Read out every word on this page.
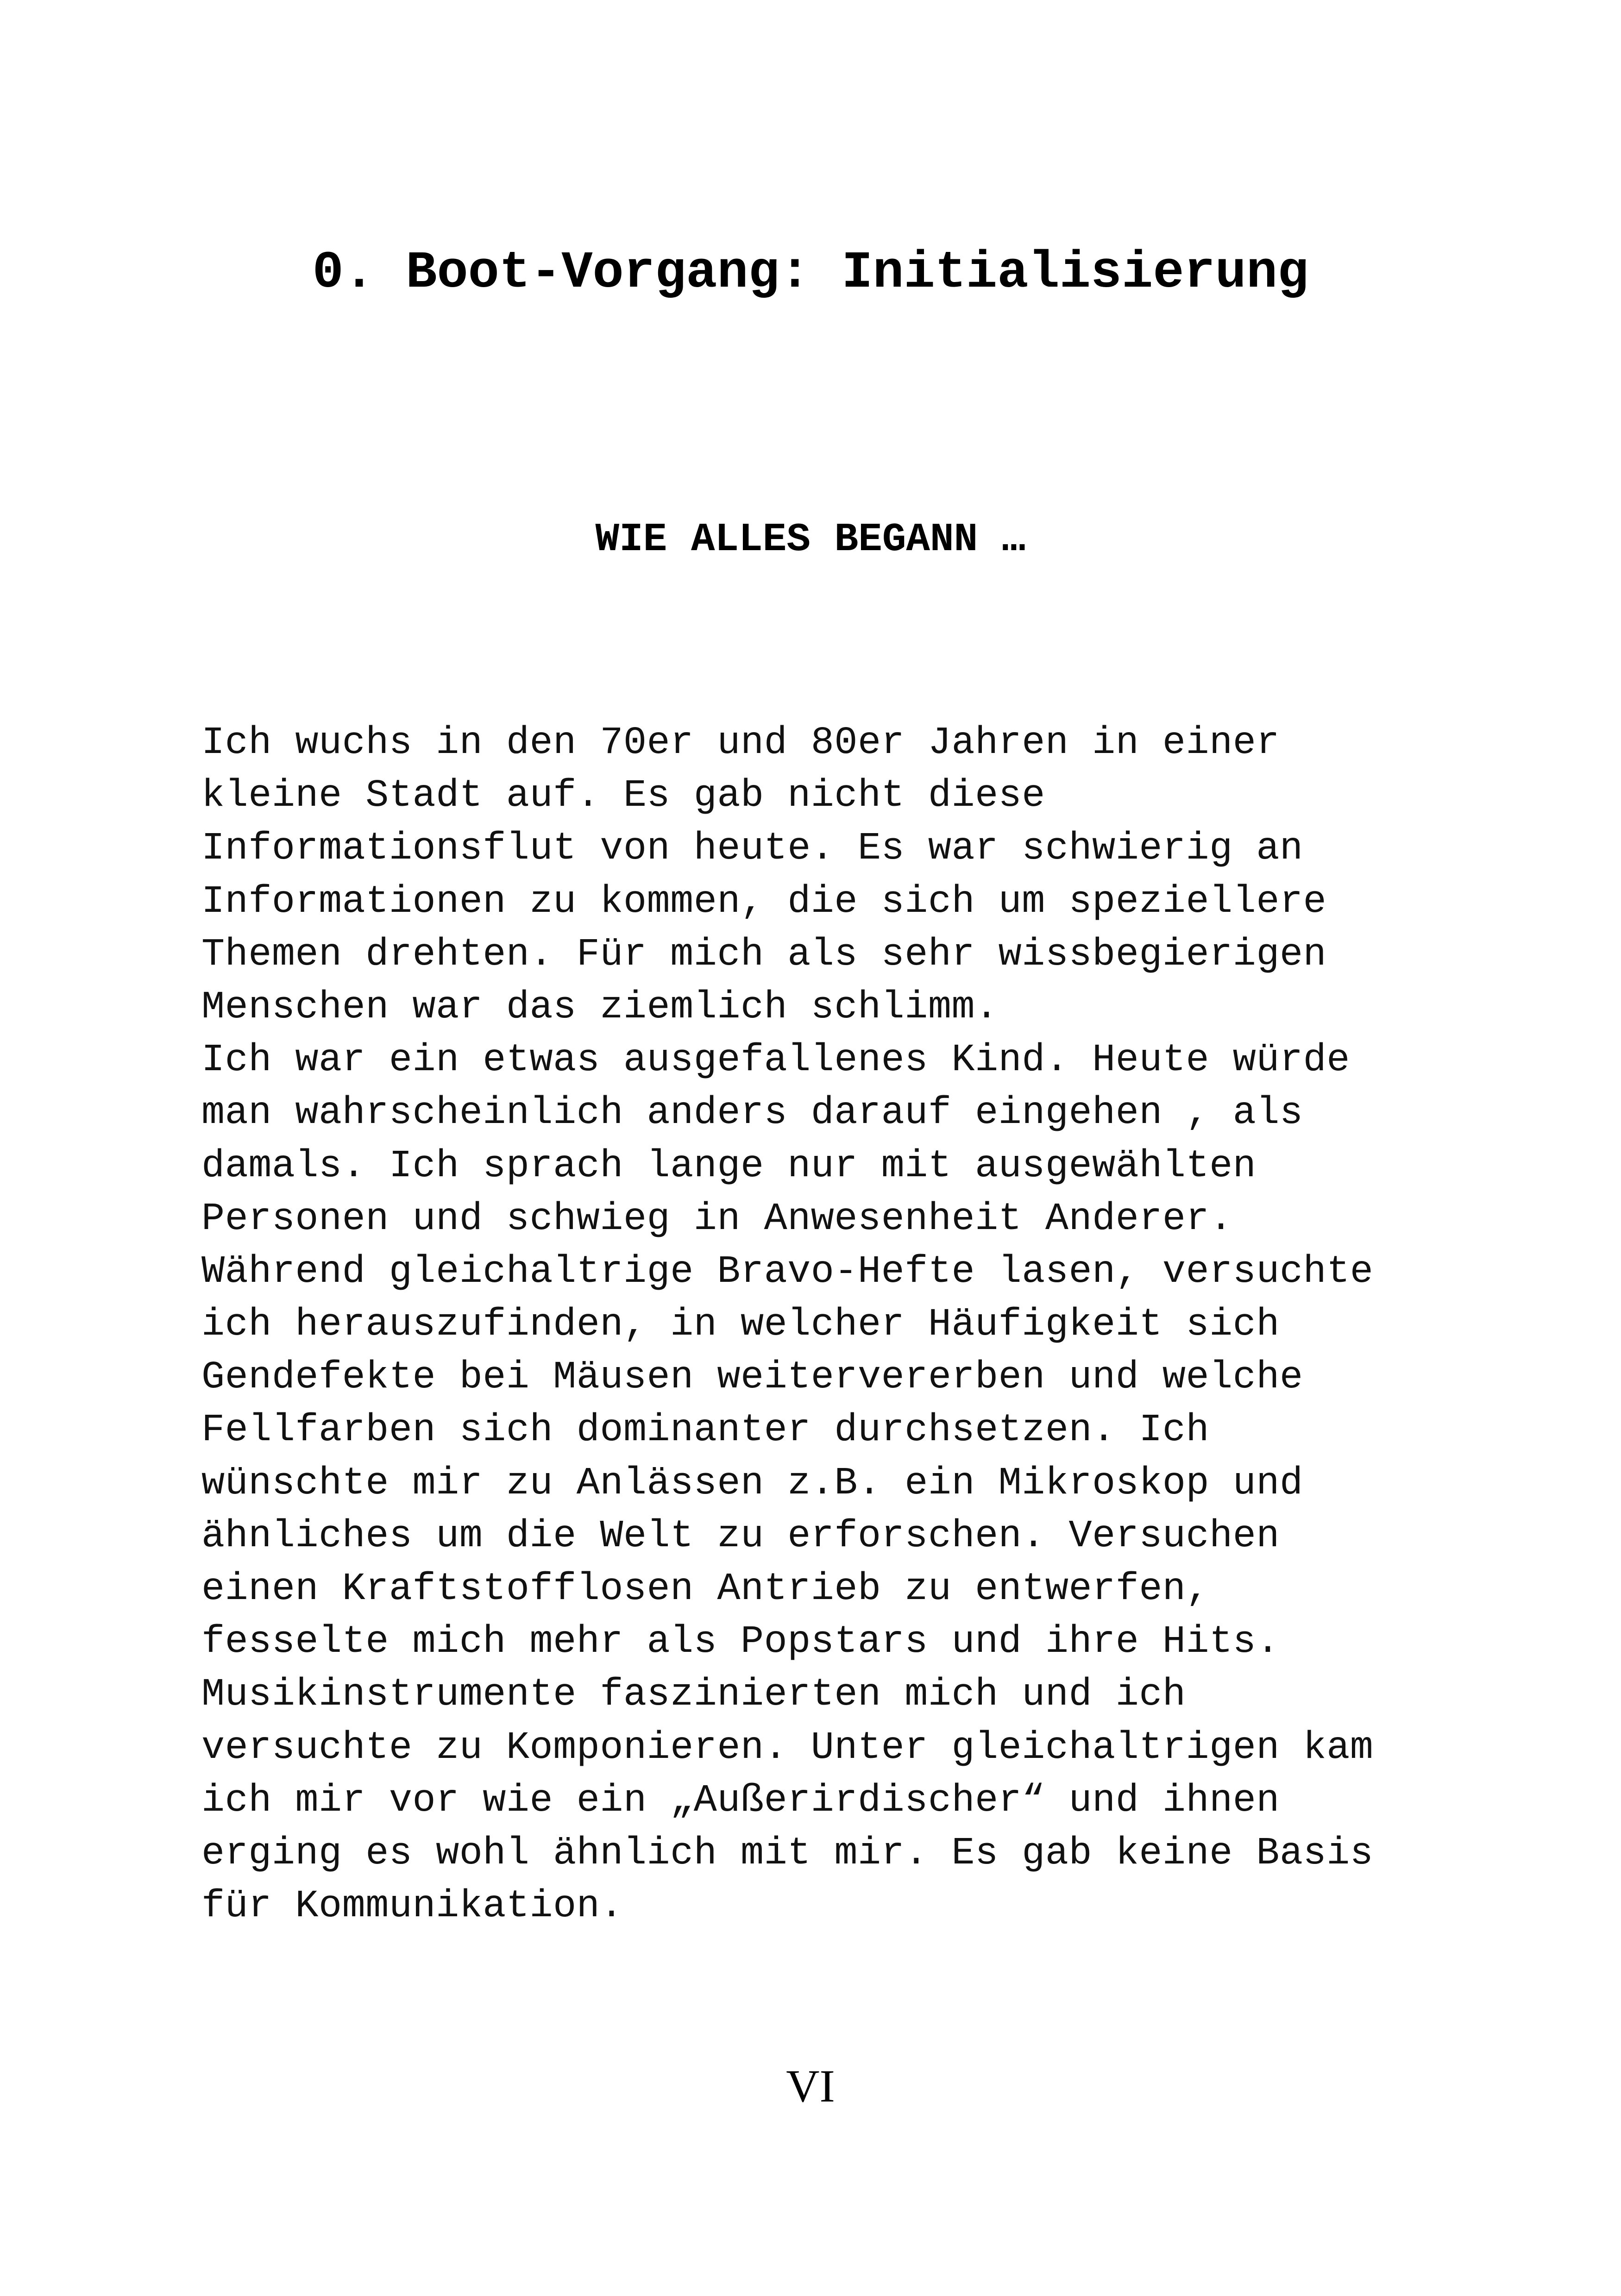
0. Boot-Vorgang: Initialisierung
WIE ALLES BEGANN …
Ich wuchs in den 70er und 80er Jahren in einer
kleine Stadt auf. Es gab nicht diese
Informationsflut von heute. Es war schwierig an
Informationen zu kommen, die sich um speziellere
Themen drehten. Für mich als sehr wissbegierigen
Menschen war das ziemlich schlimm.
Ich war ein etwas ausgefallenes Kind. Heute würde
man wahrscheinlich anders darauf eingehen , als
damals. Ich sprach lange nur mit ausgewählten
Personen und schwieg in Anwesenheit Anderer.
Während gleichaltrige Bravo-Hefte lasen, versuchte
ich herauszufinden, in welcher Häufigkeit sich
Gendefekte bei Mäusen weitervererben und welche
Fellfarben sich dominanter durchsetzen. Ich
wünschte mir zu Anlässen z.B. ein Mikroskop und
ähnliches um die Welt zu erforschen. Versuchen
einen Kraftstofflosen Antrieb zu entwerfen,
fesselte mich mehr als Popstars und ihre Hits.
Musikinstrumente faszinierten mich und ich
versuchte zu Komponieren. Unter gleichaltrigen kam
ich mir vor wie ein „Außerirdischer“ und ihnen
erging es wohl ähnlich mit mir. Es gab keine Basis
für Kommunikation.
VI
